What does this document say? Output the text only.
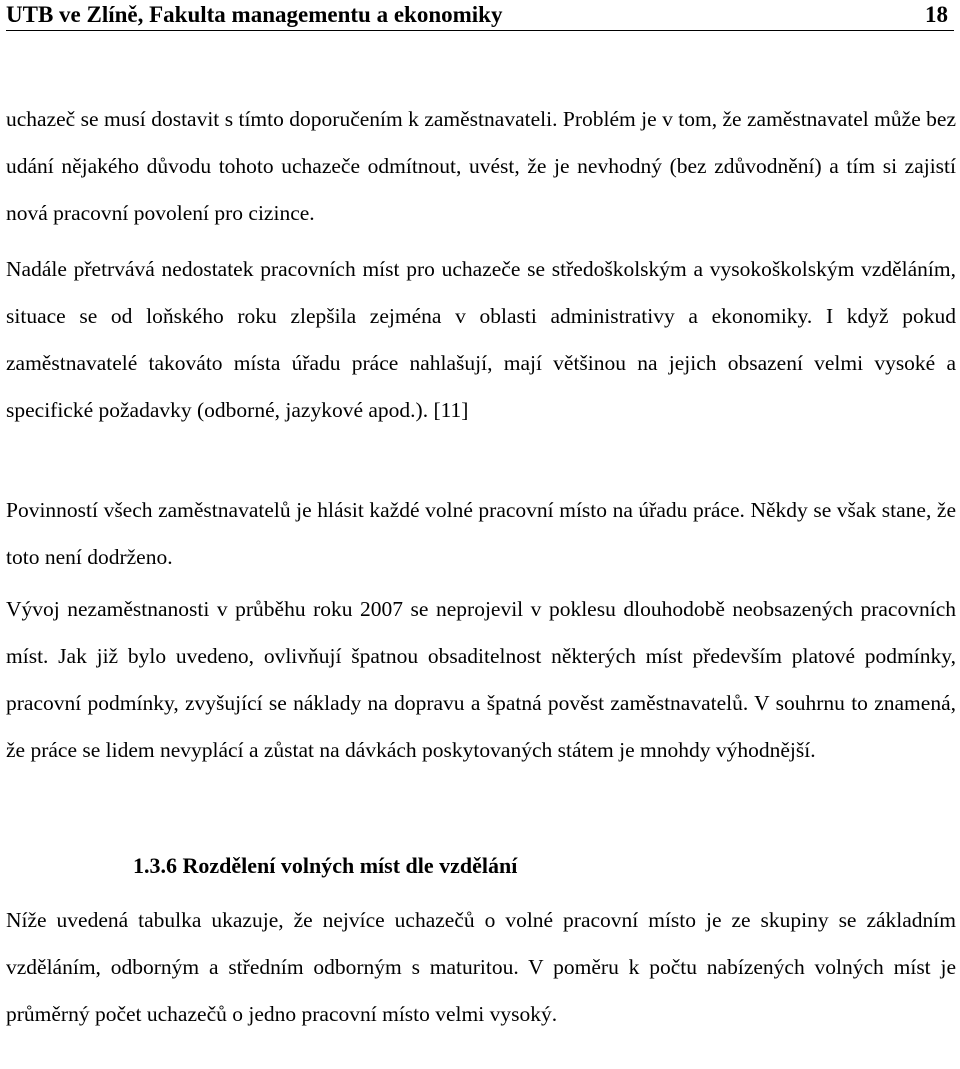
UTB ve Zlíně, Fakulta managementu a ekonomiky	18

uchazeč se musí dostavit s tímto doporučením k zaměstnavateli. Problém je v tom, že zaměstnavatel může bez udání nějakého důvodu tohoto uchazeče odmítnout, uvést, že je nevhodný (bez zdůvodnění) a tím si zajistí nová pracovní povolení pro cizince.

Nadále přetrvává nedostatek pracovních míst pro uchazeče se středoškolským a vysokoškolským vzděláním, situace se od loňského roku zlepšila zejména v oblasti administrativy a ekonomiky. I když pokud zaměstnavatelé takováto místa úřadu práce nahlašují, mají většinou na jejich obsazení velmi vysoké a specifické požadavky (odborné, jazykové apod.). [11]

Povinností všech zaměstnavatelů je hlásit každé volné pracovní místo na úřadu práce. Někdy se však stane, že toto není dodrženo.

Vývoj nezaměstnanosti v průběhu roku 2007 se neprojevil v poklesu dlouhodobě neobsazených pracovních míst. Jak již bylo uvedeno, ovlivňují špatnou obsaditelnost některých míst především platové podmínky, pracovní podmínky, zvyšující se náklady na dopravu a špatná pověst zaměstnavatelů. V souhrnu to znamená, že práce se lidem nevyplácí a zůstat na dávkách poskytovaných státem je mnohdy výhodnější.

1.3.6 Rozdělení volných míst dle vzdělání

Níže uvedená tabulka ukazuje, že nejvíce uchazečů o volné pracovní místo je ze skupiny se základním vzděláním, odborným a středním odborným s maturitou. V poměru k počtu nabízených volných míst je průměrný počet uchazečů o jedno pracovní místo velmi vysoký.
